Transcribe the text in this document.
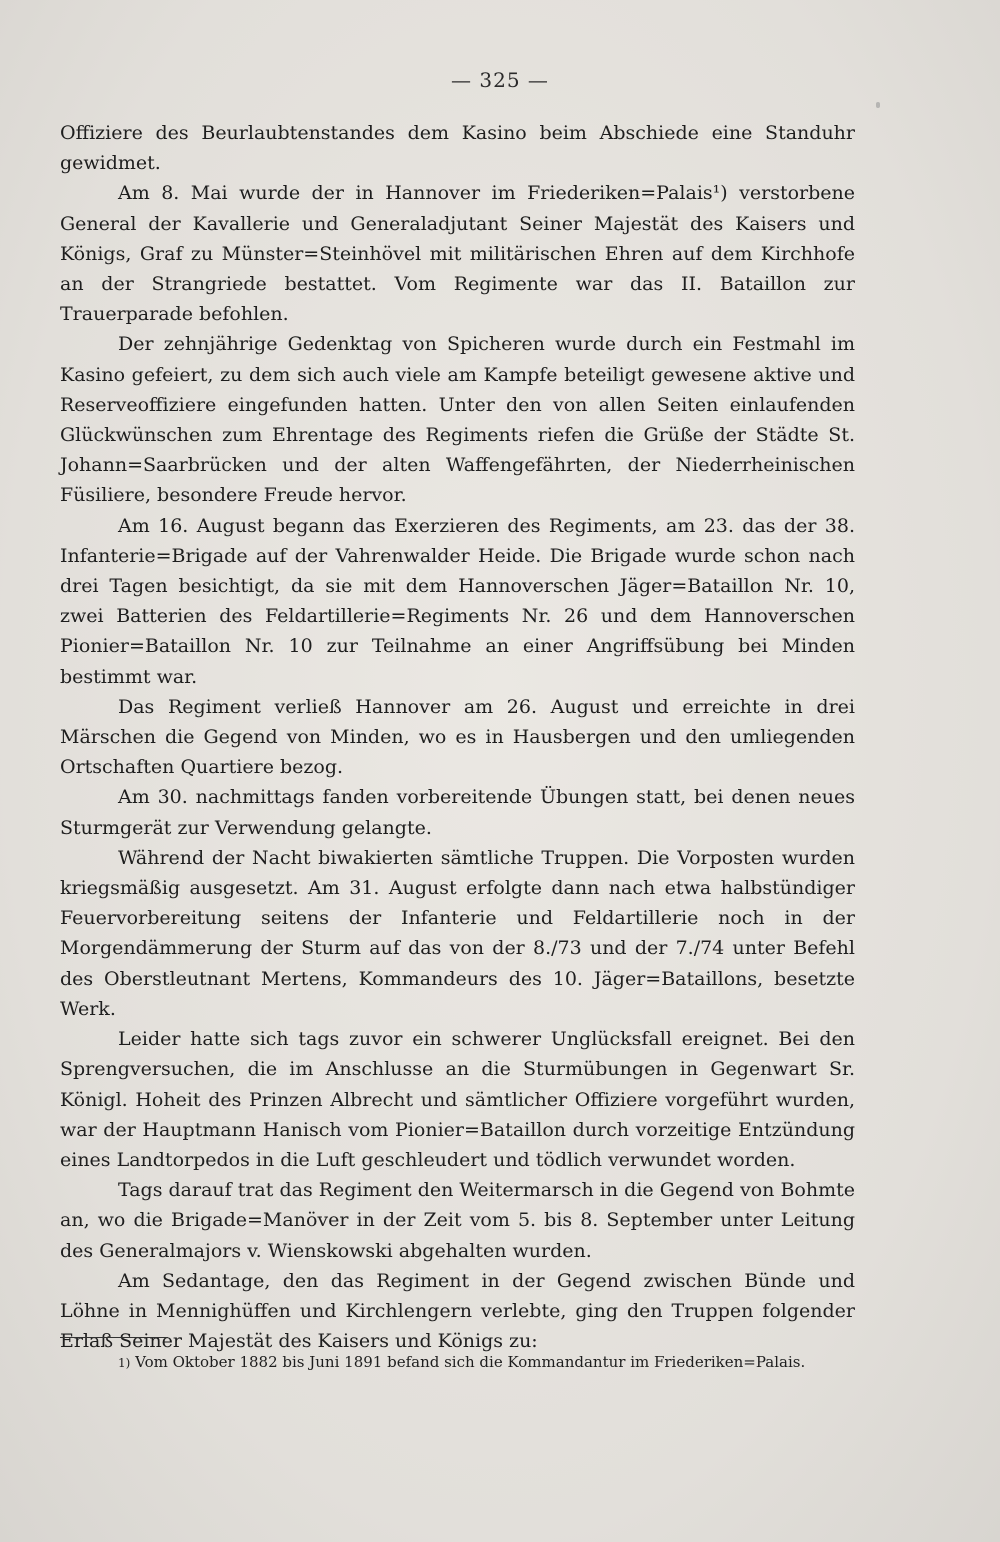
— 325 —

Offiziere des Beurlaubtenstandes dem Kasino beim Abschiede eine Standuhr gewidmet.

Am 8. Mai wurde der in Hannover im Friederiken=Palais¹) verstorbene General der Kavallerie und Generaladjutant Seiner Majestät des Kaisers und Königs, Graf zu Münster=Steinhövel mit militärischen Ehren auf dem Kirchhofe an der Strangriede bestattet. Vom Regimente war das II. Bataillon zur Trauerparade befohlen.

Der zehnjährige Gedenktag von Spicheren wurde durch ein Festmahl im Kasino gefeiert, zu dem sich auch viele am Kampfe beteiligt gewesene aktive und Reserveoffiziere eingefunden hatten. Unter den von allen Seiten einlaufenden Glückwünschen zum Ehrentage des Regiments riefen die Grüße der Städte St. Johann=Saarbrücken und der alten Waffengefährten, der Niederrheinischen Füsiliere, besondere Freude hervor.

Am 16. August begann das Exerzieren des Regiments, am 23. das der 38. Infanterie=Brigade auf der Vahrenwalder Heide. Die Brigade wurde schon nach drei Tagen besichtigt, da sie mit dem Hannoverschen Jäger=Bataillon Nr. 10, zwei Batterien des Feldartillerie=Regiments Nr. 26 und dem Hannoverschen Pionier=Bataillon Nr. 10 zur Teilnahme an einer Angriffsübung bei Minden bestimmt war.

Das Regiment verließ Hannover am 26. August und erreichte in drei Märschen die Gegend von Minden, wo es in Hausbergen und den umliegenden Ortschaften Quartiere bezog.

Am 30. nachmittags fanden vorbereitende Übungen statt, bei denen neues Sturmgerät zur Verwendung gelangte.

Während der Nacht biwakierten sämtliche Truppen. Die Vorposten wurden kriegsmäßig ausgesetzt. Am 31. August erfolgte dann nach etwa halbstündiger Feuervorbereitung seitens der Infanterie und Feldartillerie noch in der Morgendämmerung der Sturm auf das von der 8./73 und der 7./74 unter Befehl des Oberstleutnant Mertens, Kommandeurs des 10. Jäger=Bataillons, besetzte Werk.

Leider hatte sich tags zuvor ein schwerer Unglücksfall ereignet. Bei den Sprengversuchen, die im Anschlusse an die Sturmübungen in Gegenwart Sr. Königl. Hoheit des Prinzen Albrecht und sämtlicher Offiziere vorgeführt wurden, war der Hauptmann Hanisch vom Pionier=Bataillon durch vorzeitige Entzündung eines Landtorpedos in die Luft geschleudert und tödlich verwundet worden.

Tags darauf trat das Regiment den Weitermarsch in die Gegend von Bohmte an, wo die Brigade=Manöver in der Zeit vom 5. bis 8. September unter Leitung des Generalmajors v. Wienskowski abgehalten wurden.

Am Sedantage, den das Regiment in der Gegend zwischen Bünde und Löhne in Mennighüffen und Kirchlengern verlebte, ging den Truppen folgender Erlaß Seiner Majestät des Kaisers und Königs zu:

1) Vom Oktober 1882 bis Juni 1891 befand sich die Kommandantur im Friederiken=Palais.
